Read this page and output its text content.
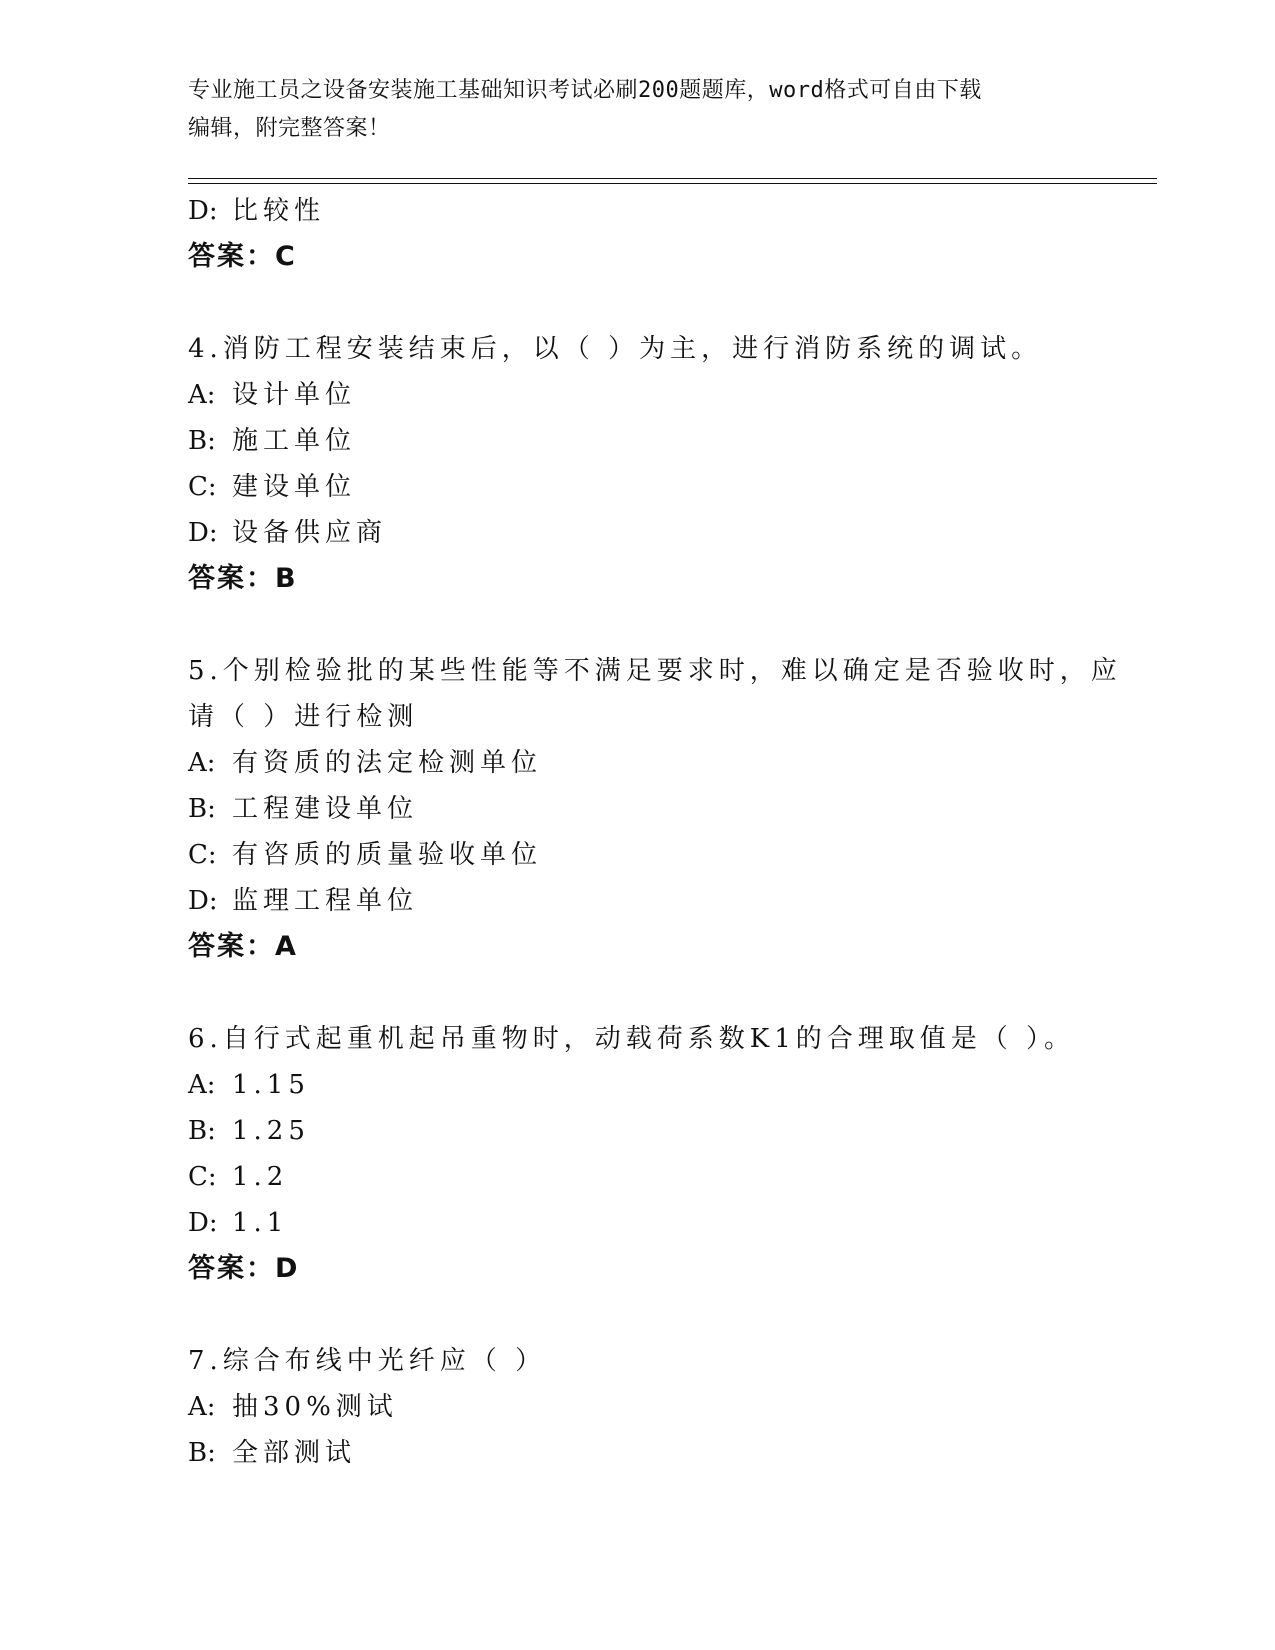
专业施工员之设备安装施工基础知识考试必刷200题题库，word格式可自由下载
编辑，附完整答案！
D: 比较性
答案：C
4.消防工程安装结束后，以（ ）为主，进行消防系统的调试。
A: 设计单位
B: 施工单位
C: 建设单位
D: 设备供应商
答案：B
5.个别检验批的某些性能等不满足要求时，难以确定是否验收时，应
请（ ）进行检测
A: 有资质的法定检测单位
B: 工程建设单位
C: 有咨质的质量验收单位
D: 监理工程单位
答案：A
6.自行式起重机起吊重物时，动载荷系数K1的合理取值是（ ）。
A: 1.15
B: 1.25
C: 1.2
D: 1.1
答案：D
7.综合布线中光纤应（ ）
A: 抽30%测试
B: 全部测试
